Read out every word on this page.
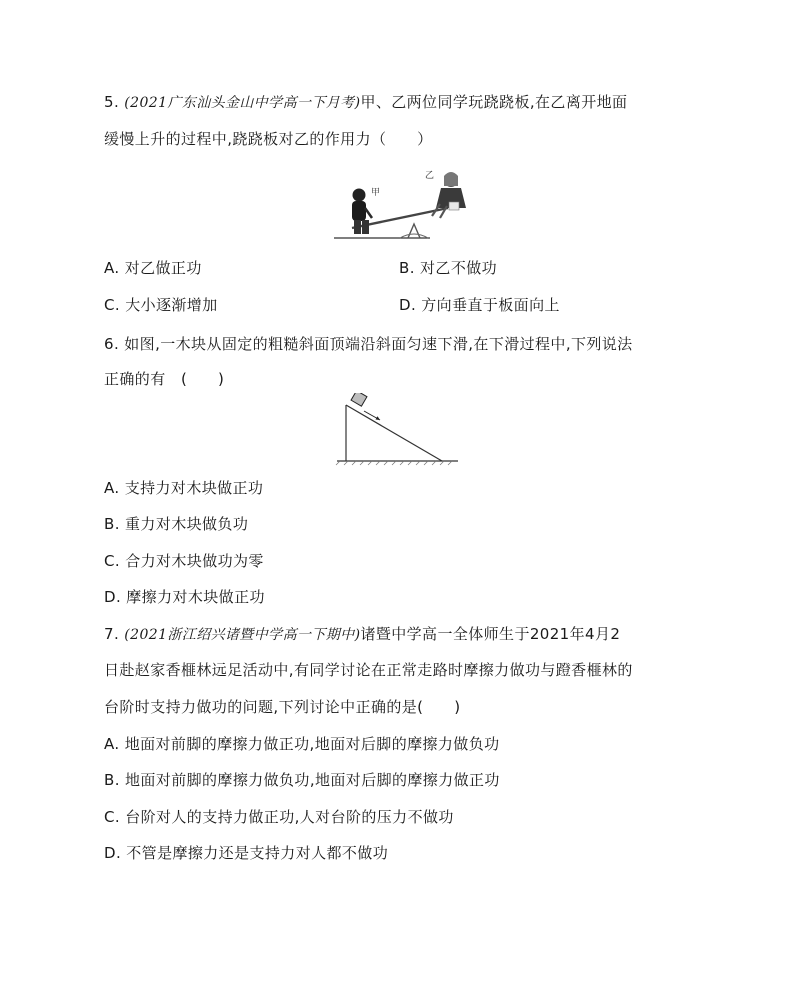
5. (2021广东汕头金山中学高一下月考)甲、乙两位同学玩跷跷板,在乙离开地面
缓慢上升的过程中,跷跷板对乙的作用力（　　）
甲
乙
A. 对乙做正功	B. 对乙不做功
C. 大小逐渐增加	D. 方向垂直于板面向上
6. 如图,一木块从固定的粗糙斜面顶端沿斜面匀速下滑,在下滑过程中,下列说法
正确的有　(　　)
A. 支持力对木块做正功
B. 重力对木块做负功
C. 合力对木块做功为零
D. 摩擦力对木块做正功
7. (2021浙江绍兴诸暨中学高一下期中)诸暨中学高一全体师生于2021年4月2
日赴赵家香榧林远足活动中,有同学讨论在正常走路时摩擦力做功与蹬香榧林的
台阶时支持力做功的问题,下列讨论中正确的是(　　)
A. 地面对前脚的摩擦力做正功,地面对后脚的摩擦力做负功
B. 地面对前脚的摩擦力做负功,地面对后脚的摩擦力做正功
C. 台阶对人的支持力做正功,人对台阶的压力不做功
D. 不管是摩擦力还是支持力对人都不做功
